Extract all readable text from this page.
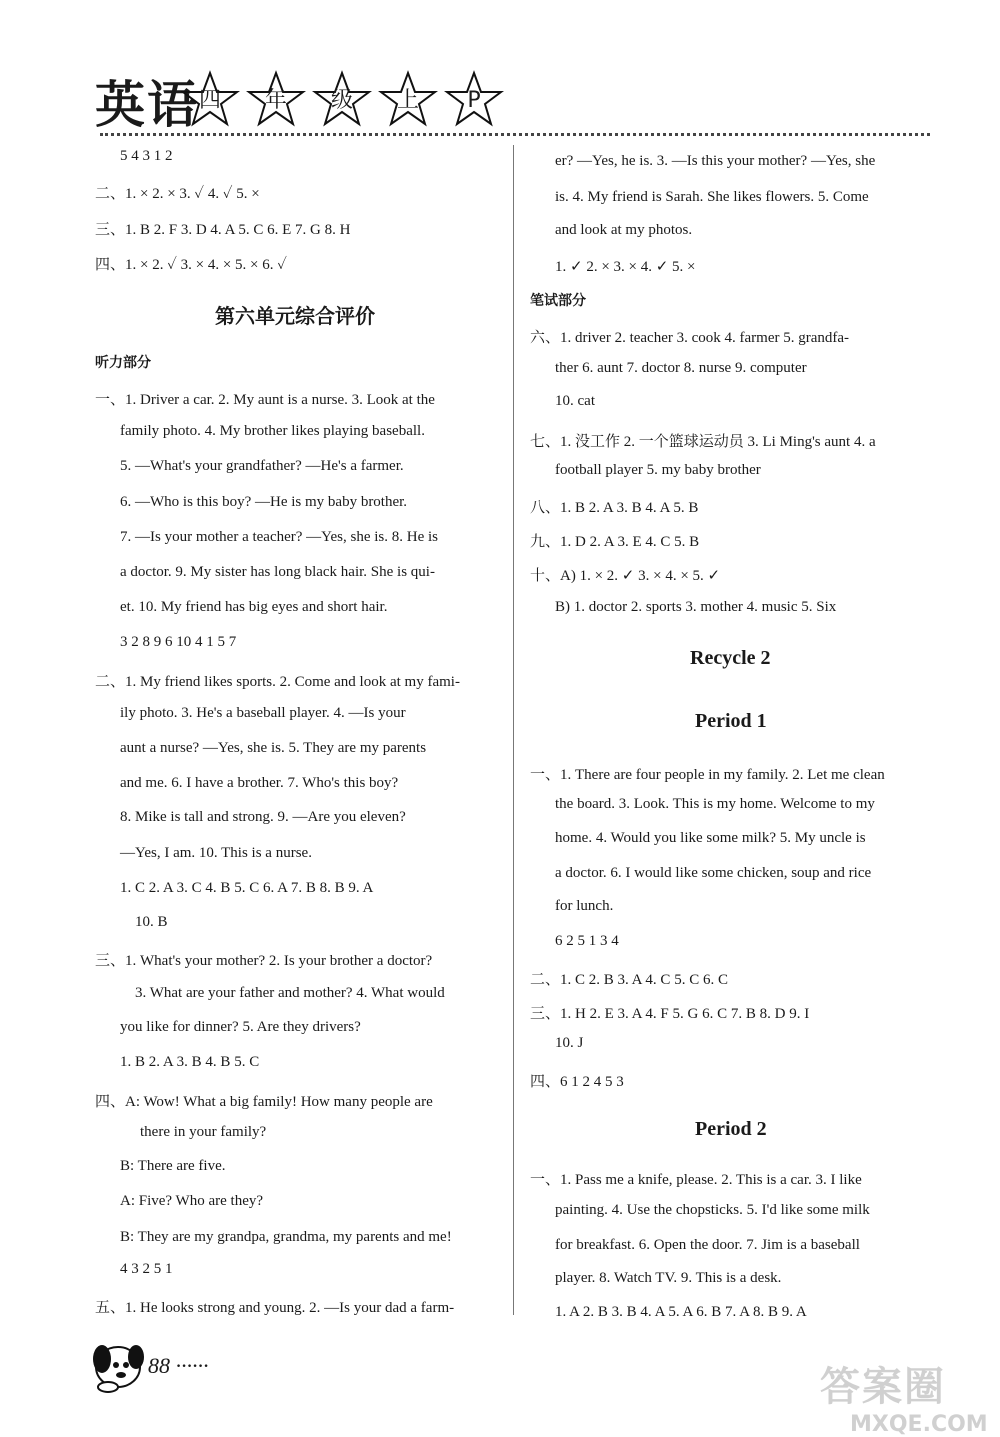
英语 四	年	级	上	P
5 4 3 1 2
二、1. × 2. × 3. ✓ 4. ✓ 5. ×
三、1. B 2. F 3. D 4. A 5. C 6. E 7. G 8. H
四、1. × 2. ✓ 3. × 4. × 5. × 6. ✓
第六单元综合评价
听力部分
一、1. Driver a car. 2. My aunt is a nurse. 3. Look at the
family photo. 4. My brother likes playing baseball.
5. —What's your grandfather? —He's a farmer.
6. —Who is this boy? —He is my baby brother.
7. —Is your mother a teacher? —Yes, she is. 8. He is
a doctor. 9. My sister has long black hair. She is qui-
et. 10. My friend has big eyes and short hair.
3 2 8 9 6 10 4 1 5 7
二、1. My friend likes sports. 2. Come and look at my fami-
ily photo. 3. He's a baseball player. 4. —Is your
aunt a nurse? —Yes, she is. 5. They are my parents
and me. 6. I have a brother. 7. Who's this boy?
8. Mike is tall and strong. 9. —Are you eleven?
—Yes, I am. 10. This is a nurse.
1. C 2. A 3. C 4. B 5. C 6. A 7. B 8. B 9. A
10. B
三、1. What's your mother? 2. Is your brother a doctor?
3. What are your father and mother? 4. What would
you like for dinner? 5. Are they drivers?
1. B 2. A 3. B 4. B 5. C
四、A: Wow! What a big family! How many people are
there in your family?
B: There are five.
A: Five? Who are they?
B: They are my grandpa, grandma, my parents and me!
4 3 2 5 1
五、1. He looks strong and young. 2. —Is your dad a farm-
er? —Yes, he is. 3. —Is this your mother? —Yes, she
is. 4. My friend is Sarah. She likes flowers. 5. Come
and look at my photos.
1. ✓ 2. × 3. × 4. ✓ 5. ×
笔试部分
六、1. driver 2. teacher 3. cook 4. farmer 5. grandfa-
ther 6. aunt 7. doctor 8. nurse 9. computer
10. cat
七、1. 没工作 2. 一个篮球运动员 3. Li Ming's aunt 4. a
football player 5. my baby brother
八、1. B 2. A 3. B 4. A 5. B
九、1. D 2. A 3. E 4. C 5. B
十、A) 1. × 2. ✓ 3. × 4. × 5. ✓
B) 1. doctor 2. sports 3. mother 4. music 5. Six
Recycle 2
Period 1
一、1. There are four people in my family. 2. Let me clean
the board. 3. Look. This is my home. Welcome to my
home. 4. Would you like some milk? 5. My uncle is
a doctor. 6. I would like some chicken, soup and rice
for lunch.
6 2 5 1 3 4
二、1. C 2. B 3. A 4. C 5. C 6. C
三、1. H 2. E 3. A 4. F 5. G 6. C 7. B 8. D 9. I
10. J
四、6 1 2 4 5 3
Period 2
一、1. Pass me a knife, please. 2. This is a car. 3. I like
painting. 4. Use the chopsticks. 5. I'd like some milk
for breakfast. 6. Open the door. 7. Jim is a baseball
player. 8. Watch TV. 9. This is a desk.
1. A 2. B 3. B 4. A 5. A 6. B 7. A 8. B 9. A
88 ······	答案圈
MXQE.COM
